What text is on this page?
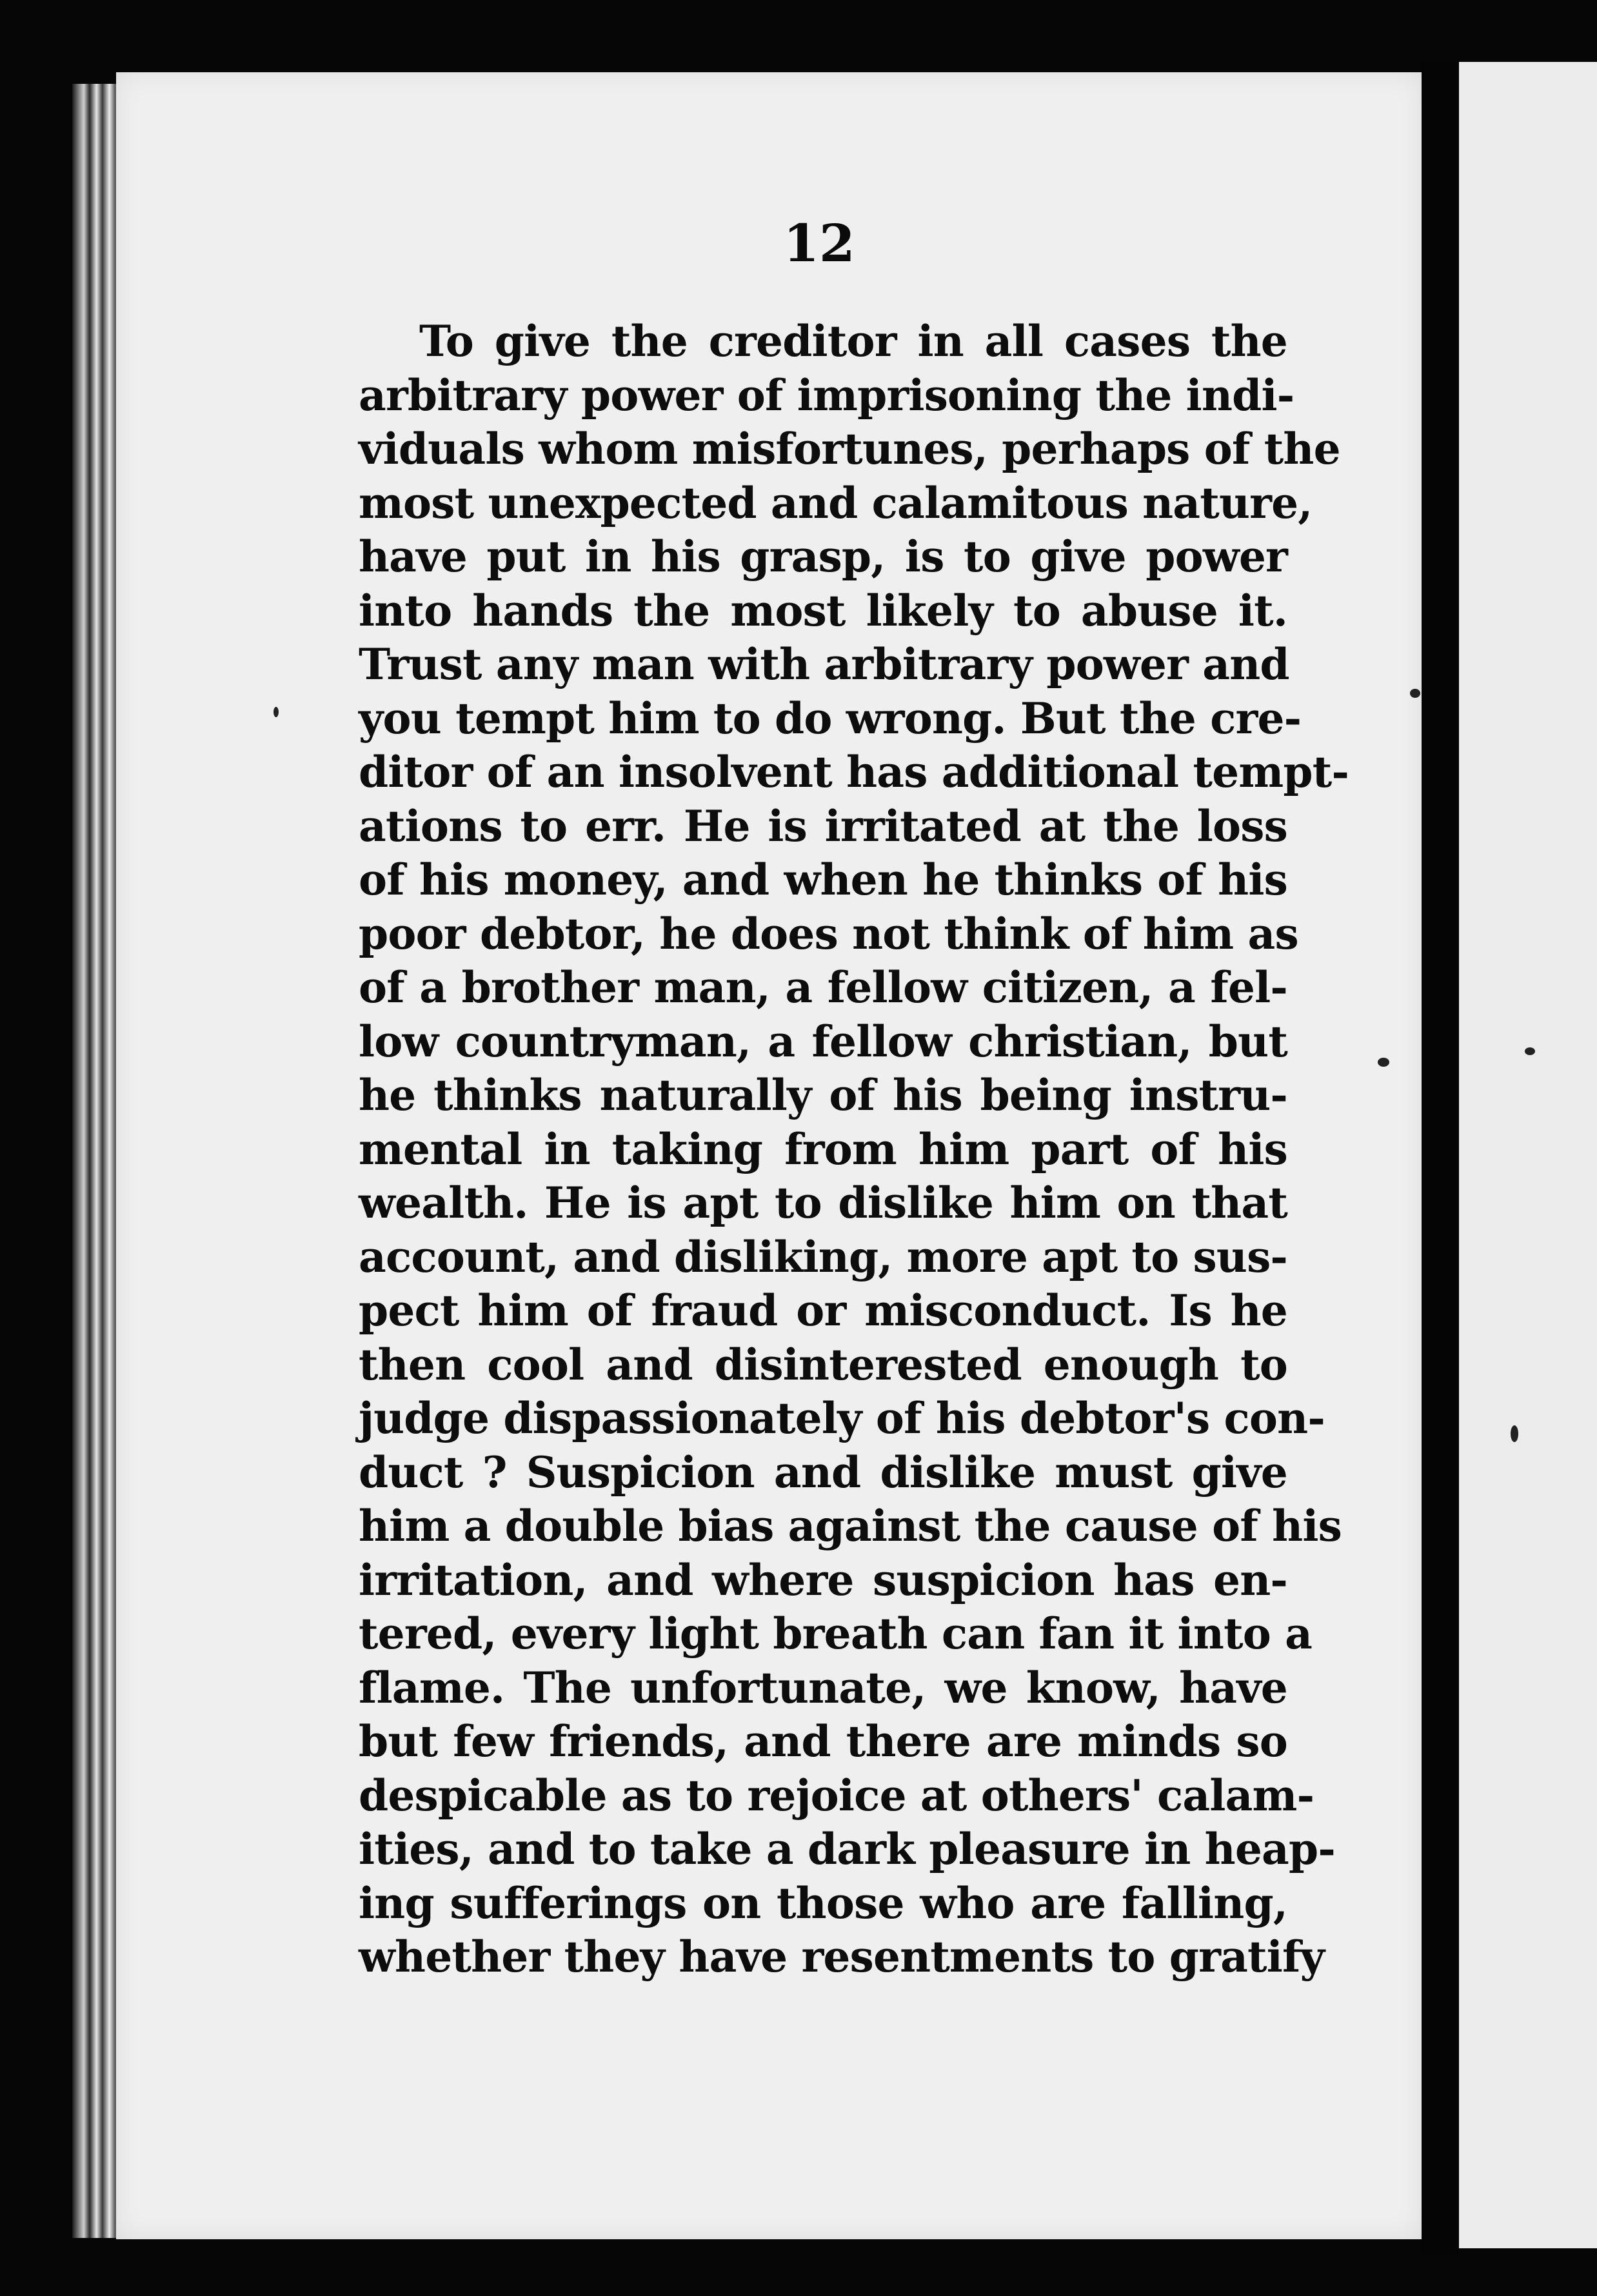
12
To give the creditor in all cases the
arbitrary power of imprisoning the indi-
viduals whom misfortunes, perhaps of the
most unexpected and calamitous nature,
have put in his grasp, is to give power
into hands the most likely to abuse it.
Trust any man with arbitrary power and
you tempt him to do wrong. But the cre-
ditor of an insolvent has additional tempt-
ations to err. He is irritated at the loss
of his money, and when he thinks of his
poor debtor, he does not think of him as
of a brother man, a fellow citizen, a fel-
low countryman, a fellow christian, but
he thinks naturally of his being instru-
mental in taking from him part of his
wealth. He is apt to dislike him on that
account, and disliking, more apt to sus-
pect him of fraud or misconduct. Is he
then cool and disinterested enough to
judge dispassionately of his debtor's con-
duct ? Suspicion and dislike must give
him a double bias against the cause of his
irritation, and where suspicion has en-
tered, every light breath can fan it into a
flame. The unfortunate, we know, have
but few friends, and there are minds so
despicable as to rejoice at others' calam-
ities, and to take a dark pleasure in heap-
ing sufferings on those who are falling,
whether they have resentments to gratify
